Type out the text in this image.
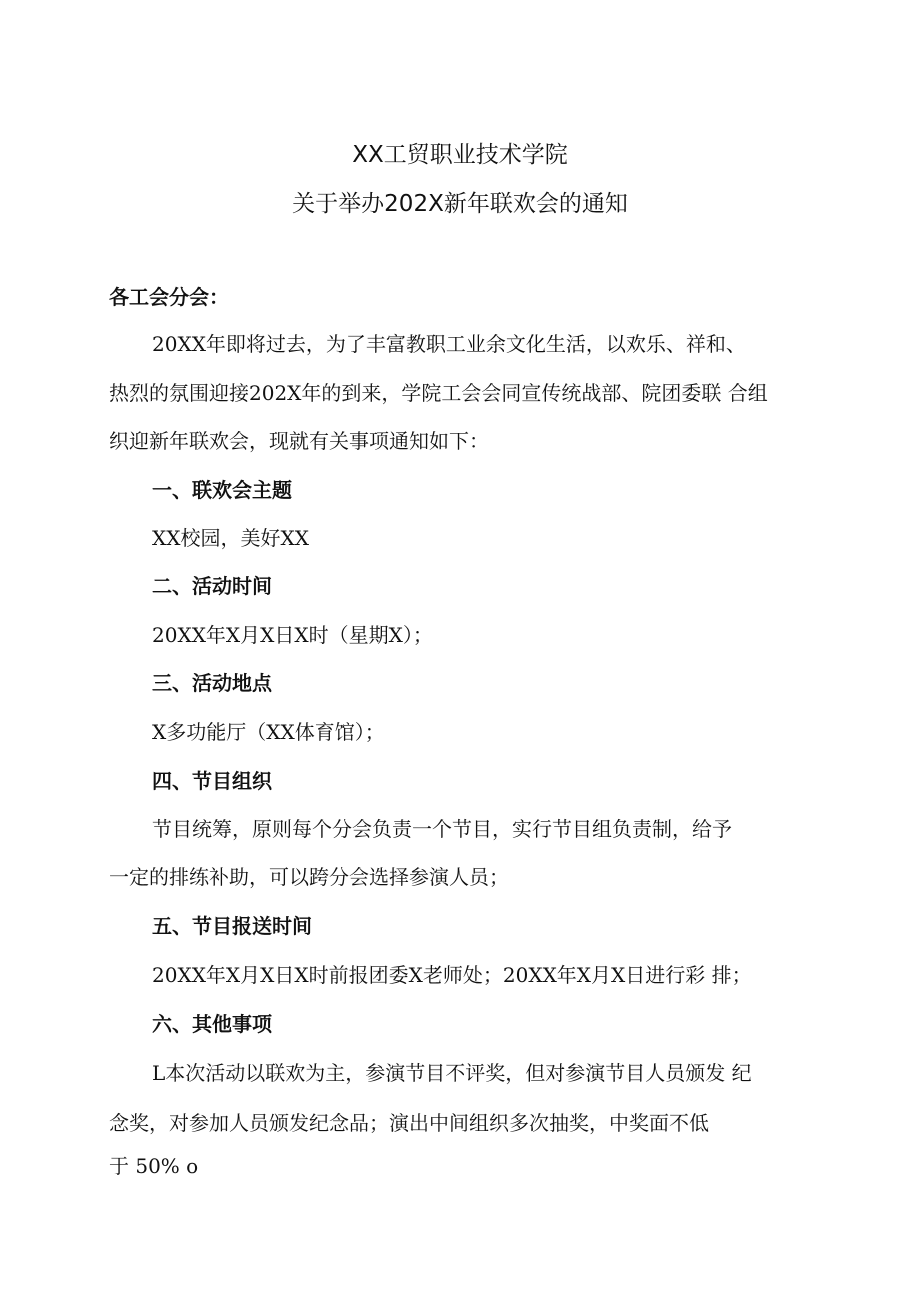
XX工贸职业技术学院
关于举办202X新年联欢会的通知

各工会分会：

20XX年即将过去，为了丰富教职工业余文化生活，以欢乐、祥和、

热烈的氛围迎接202X年的到来，学院工会会同宣传统战部、院团委联 合组

织迎新年联欢会，现就有关事项通知如下：

一、联欢会主题

XX校园，美好XX

二、活动时间

20XX年X月X日X时（星期X）；

三、活动地点

X多功能厅（XX体育馆）；

四、节目组织

节目统筹，原则每个分会负责一个节目，实行节目组负责制，给予

一定的排练补助，可以跨分会选择参演人员；

五、节目报送时间

20XX年X月X日X时前报团委X老师处；20XX年X月X日进行彩 排；

六、其他事项

L本次活动以联欢为主，参演节目不评奖，但对参演节目人员颁发 纪

念奖，对参加人员颁发纪念品；演出中间组织多次抽奖，中奖面不低

于 50% o
